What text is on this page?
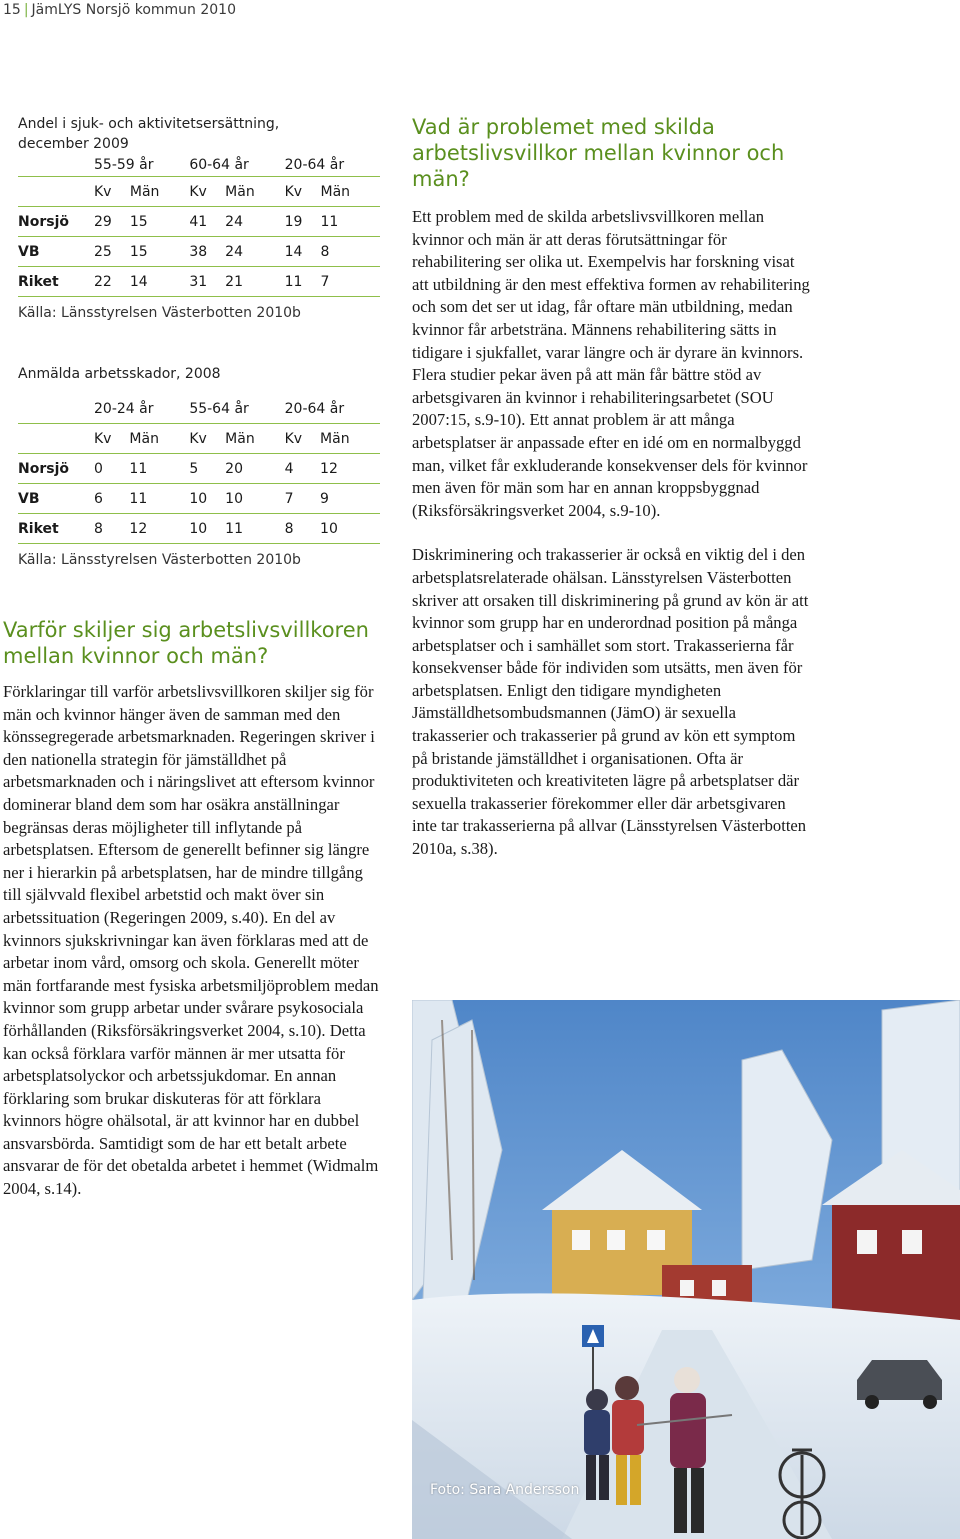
15 | JämLYS Norsjö kommun 2010
Andel i sjuk- och aktivitetsersättning,
december 2009
	55-59 år		60-64 år		20-64 år	
	Kv	Män	Kv	Män	Kv	Män
Norsjö	29	15	41	24	19	11
VB	25	15	38	24	14	8
Riket	22	14	31	21	11	7
Källa: Länsstyrelsen Västerbotten 2010b
Anmälda arbetsskador, 2008
	20-24 år		55-64 år		20-64 år	
	Kv	Män	Kv	Män	Kv	Män
Norsjö	0	11	5	20	4	12
VB	6	11	10	10	7	9
Riket	8	12	10	11	8	10
Källa: Länsstyrelsen Västerbotten 2010b
Varför skiljer sig arbetslivsvillkoren mellan kvinnor och män?

Förklaringar till varför arbetslivsvillkoren skiljer sig för män och kvinnor hänger även de samman med den könssegregerade arbetsmarknaden. Regeringen skriver i den nationella strategin för jämställdhet på arbetsmarknaden och i näringslivet att eftersom kvinnor dominerar bland dem som har osäkra anställningar begränsas deras möjligheter till inflytande på arbetsplatsen. Eftersom de generellt befinner sig längre ner i hierarkin på arbetsplatsen, har de mindre tillgång till självvald flexibel arbetstid och makt över sin arbetssituation (Regeringen 2009, s.40). En del av kvinnors sjukskrivningar kan även förklaras med att de arbetar inom vård, omsorg och skola. Generellt möter män fortfarande mest fysiska arbetsmiljöproblem medan kvinnor som grupp arbetar under svårare psykosociala förhållanden (Riksförsäkringsverket 2004, s.10). Detta kan också förklara varför männen är mer utsatta för arbetsplatsolyckor och arbetssjukdomar. En annan förklaring som brukar diskuteras för att förklara kvinnors högre ohälsotal, är att kvinnor har en dubbel ansvarsbörda. Samtidigt som de har ett betalt arbete ansvarar de för det obetalda arbetet i hemmet (Widmalm 2004, s.14).

Vad är problemet med skilda arbetslivsvillkor mellan kvinnor och män?

Ett problem med de skilda arbetslivsvillkoren mellan kvinnor och män är att deras förutsättningar för rehabilitering ser olika ut. Exempelvis har forskning visat att utbildning är den mest effektiva formen av rehabilitering och som det ser ut idag, får oftare män utbildning, medan kvinnor får arbetsträna. Männens rehabilitering sätts in tidigare i sjukfallet, varar längre och är dyrare än kvinnors. Flera studier pekar även på att män får bättre stöd av arbetsgivaren än kvinnor i rehabiliteringsarbetet (SOU 2007:15, s.9-10). Ett annat problem är att många arbetsplatser är anpassade efter en idé om en normalbyggd man, vilket får exkluderande konsekvenser dels för kvinnor men även för män som har en annan kroppsbyggnad (Riksförsäkringsverket 2004, s.9-10).

Diskriminering och trakasserier är också en viktig del i den arbetsplatsrelaterade ohälsan. Länsstyrelsen Västerbotten skriver att orsaken till diskriminering på grund av kön är att kvinnor som grupp har en underordnad position på många arbetsplatser och i samhället som stort. Trakasserierna får konsekvenser både för individen som utsätts, men även för arbetsplatsen. Enligt den tidigare myndigheten Jämställdhetsombudsmannen (JämO) är sexuella trakasserier och trakasserier på grund av kön ett symptom på bristande jämställdhet i organisationen. Ofta är produktiviteten och kreativiteten lägre på arbetsplatser där sexuella trakasserier förekommer eller där arbetsgivaren inte tar trakasserierna på allvar (Länsstyrelsen Västerbotten 2010a, s.38).

Foto: Sara Andersson
